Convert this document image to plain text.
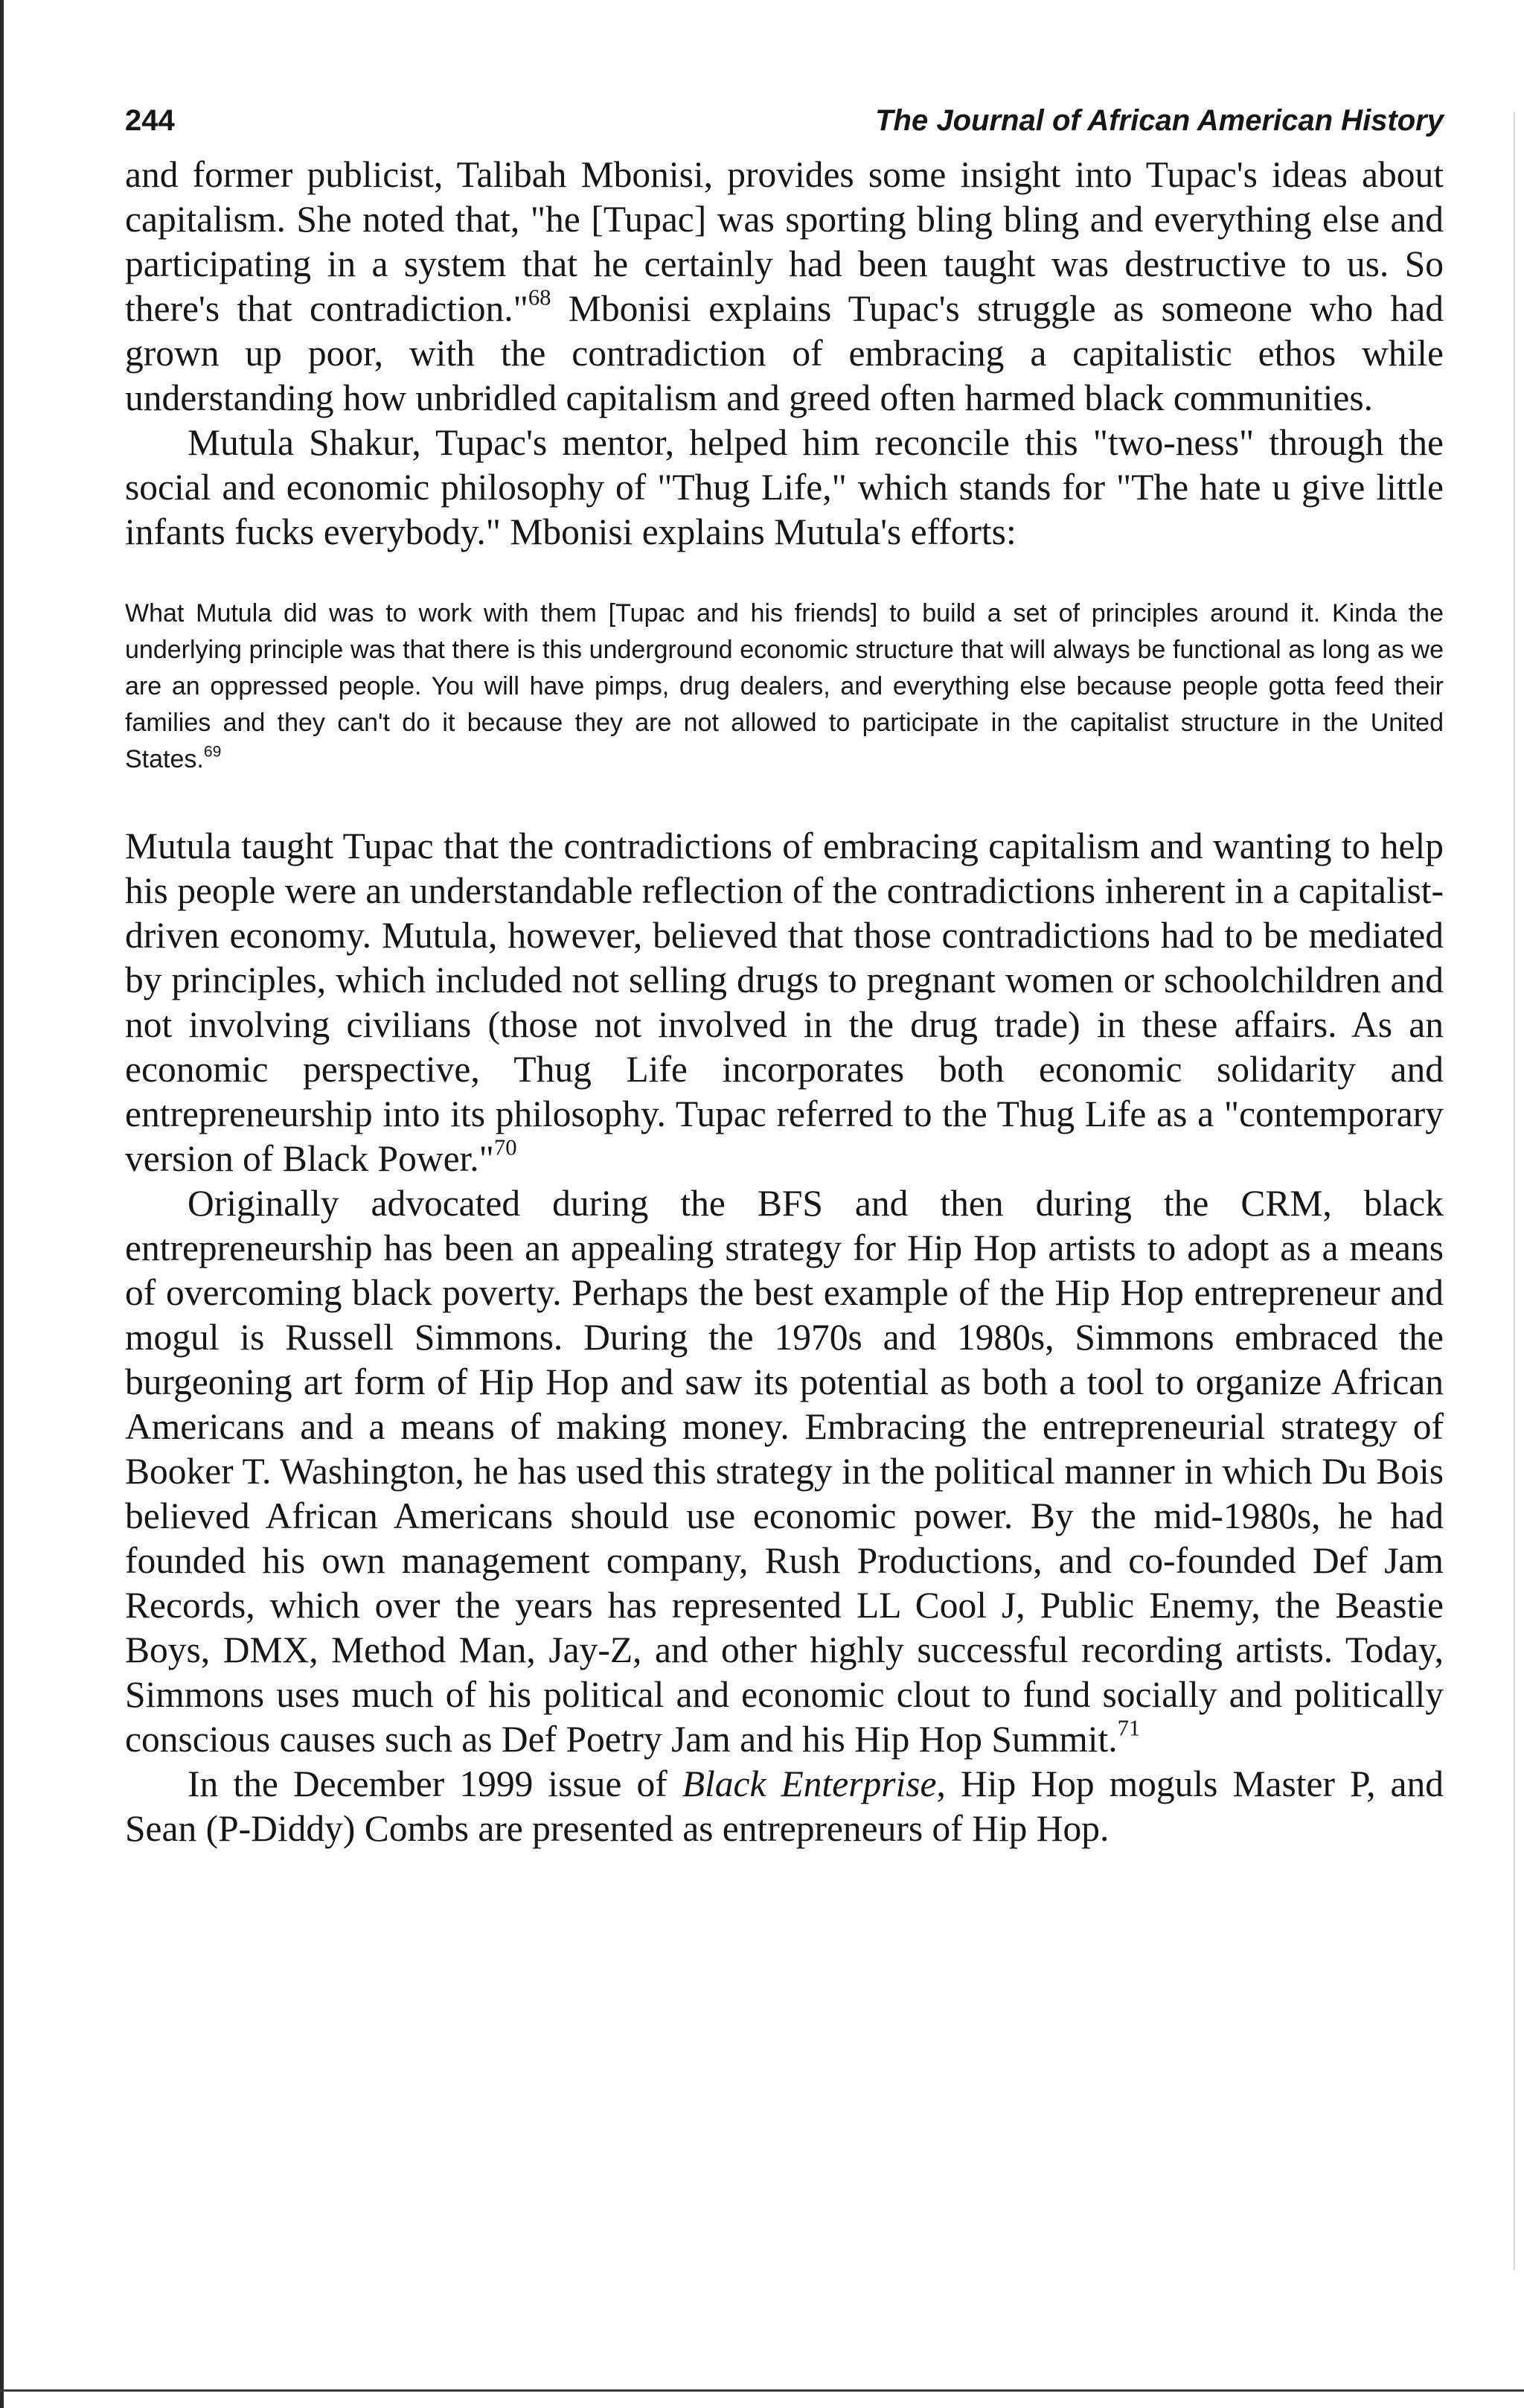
244	The Journal of African American History

and former publicist, Talibah Mbonisi, provides some insight into Tupac's ideas about capitalism. She noted that, "he [Tupac] was sporting bling bling and everything else and participating in a system that he certainly had been taught was destructive to us. So there's that contradiction."$^{68}$ Mbonisi explains Tupac's struggle as someone who had grown up poor, with the contradiction of embracing a capitalistic ethos while understanding how unbridled capitalism and greed often harmed black communities.

Mutula Shakur, Tupac's mentor, helped him reconcile this "two-ness" through the social and economic philosophy of "Thug Life," which stands for "The hate u give little infants fucks everybody." Mbonisi explains Mutula's efforts:

What Mutula did was to work with them [Tupac and his friends] to build a set of principles around it. Kinda the underlying principle was that there is this underground economic structure that will always be functional as long as we are an oppressed people. You will have pimps, drug dealers, and everything else because people gotta feed their families and they can't do it because they are not allowed to participate in the capitalist structure in the United States.$^{69}$

Mutula taught Tupac that the contradictions of embracing capitalism and wanting to help his people were an understandable reflection of the contradictions inherent in a capitalist-driven economy. Mutula, however, believed that those contradictions had to be mediated by principles, which included not selling drugs to pregnant women or schoolchildren and not involving civilians (those not involved in the drug trade) in these affairs. As an economic perspective, Thug Life incorporates both economic solidarity and entrepreneurship into its philosophy. Tupac referred to the Thug Life as a "contemporary version of Black Power."$^{70}$

Originally advocated during the BFS and then during the CRM, black entrepreneurship has been an appealing strategy for Hip Hop artists to adopt as a means of overcoming black poverty. Perhaps the best example of the Hip Hop entrepreneur and mogul is Russell Simmons. During the 1970s and 1980s, Simmons embraced the burgeoning art form of Hip Hop and saw its potential as both a tool to organize African Americans and a means of making money. Embracing the entrepreneurial strategy of Booker T. Washington, he has used this strategy in the political manner in which Du Bois believed African Americans should use economic power. By the mid-1980s, he had founded his own management company, Rush Productions, and co-founded Def Jam Records, which over the years has represented LL Cool J, Public Enemy, the Beastie Boys, DMX, Method Man, Jay-Z, and other highly successful recording artists. Today, Simmons uses much of his political and economic clout to fund socially and politically conscious causes such as Def Poetry Jam and his Hip Hop Summit.$^{71}$

In the December 1999 issue of Black Enterprise, Hip Hop moguls Master P, and Sean (P-Diddy) Combs are presented as entrepreneurs of Hip Hop.
